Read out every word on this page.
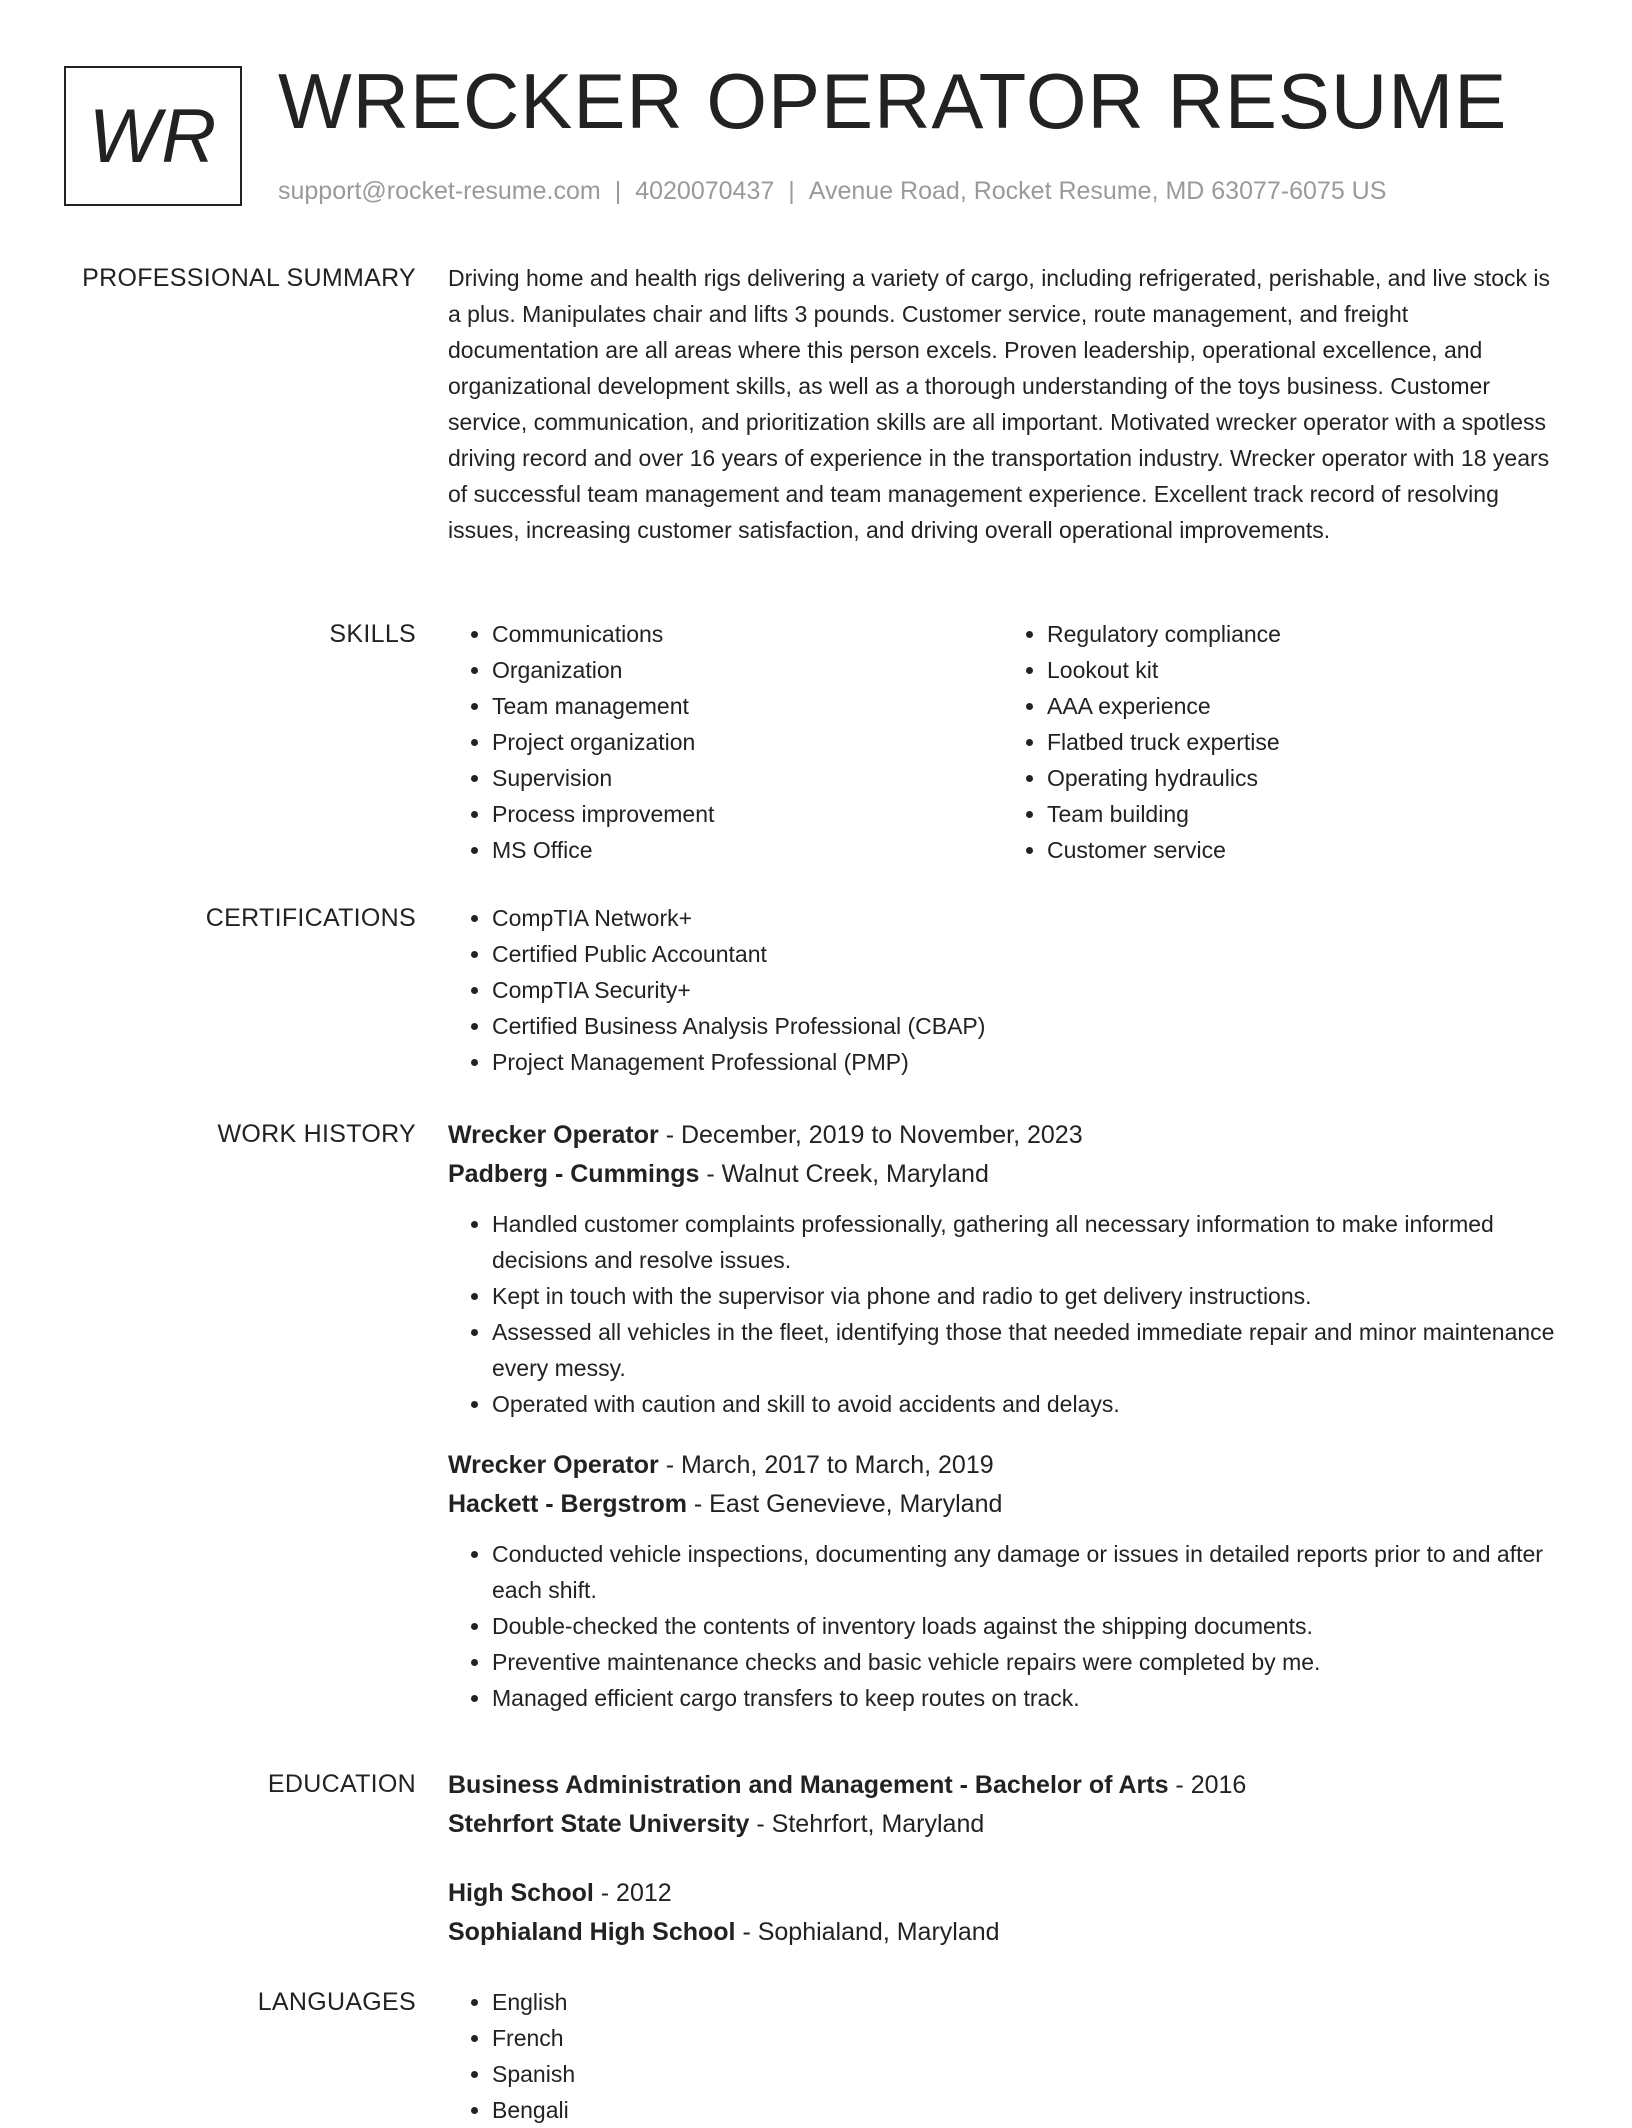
WR WRECKER OPERATOR RESUME
support@rocket-resume.com | 4020070437 | Avenue Road, Rocket Resume, MD 63077-6075 US
PROFESSIONAL SUMMARY Driving home and health rigs delivering a variety of cargo, including refrigerated, perishable, and live stock is a plus. Manipulates chair and lifts 3 pounds. Customer service, route management, and freight documentation are all areas where this person excels. Proven leadership, operational excellence, and organizational development skills, as well as a thorough understanding of the toys business. Customer service, communication, and prioritization skills are all important. Motivated wrecker operator with a spotless driving record and over 16 years of experience in the transportation industry. Wrecker operator with 18 years of successful team management and team management experience. Excellent track record of resolving issues, increasing customer satisfaction, and driving overall operational improvements.

SKILLS	• Communications
• Organization
• Team management
• Project organization
• Supervision
• Process improvement
• MS Office
• Regulatory compliance
• Lookout kit
• AAA experience
• Flatbed truck expertise
• Operating hydraulics
• Team building
• Customer service
CERTIFICATIONS	• CompTIA Network+
• Certified Public Accountant
• CompTIA Security+
• Certified Business Analysis Professional (CBAP)
• Project Management Professional (PMP)
WORK HISTORY Wrecker Operator - December, 2019 to November, 2023
Padberg - Cummings - Walnut Creek, Maryland
• Handled customer complaints professionally, gathering all necessary information to make informed decisions and resolve issues.
• Kept in touch with the supervisor via phone and radio to get delivery instructions.
• Assessed all vehicles in the fleet, identifying those that needed immediate repair and minor maintenance every messy.
• Operated with caution and skill to avoid accidents and delays.
Wrecker Operator - March, 2017 to March, 2019
Hackett - Bergstrom - East Genevieve, Maryland
• Conducted vehicle inspections, documenting any damage or issues in detailed reports prior to and after each shift.
• Double-checked the contents of inventory loads against the shipping documents.
• Preventive maintenance checks and basic vehicle repairs were completed by me.
• Managed efficient cargo transfers to keep routes on track.
EDUCATION Business Administration and Management - Bachelor of Arts - 2016
Stehrfort State University - Stehrfort, Maryland
High School - 2012
Sophialand High School - Sophialand, Maryland
LANGUAGES	• English
• French
• Spanish
• Bengali
